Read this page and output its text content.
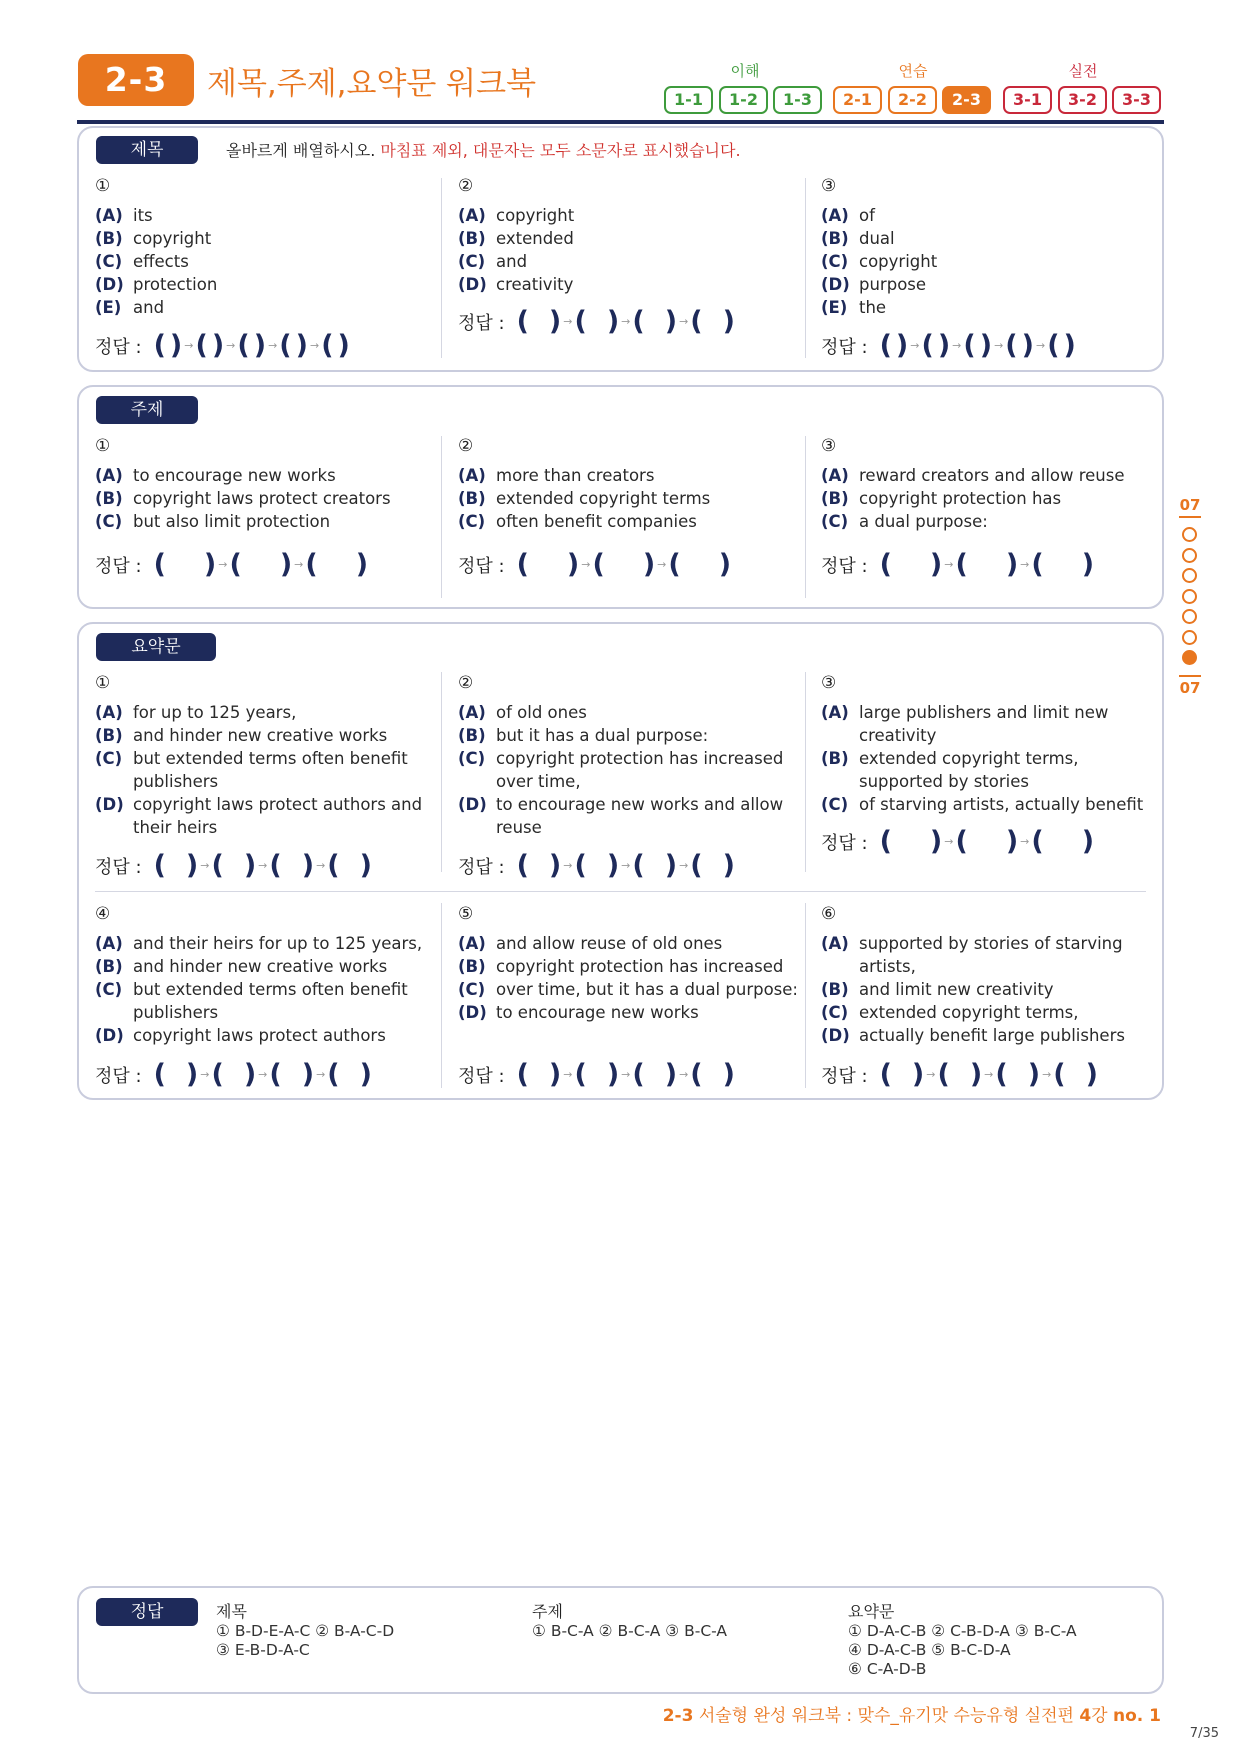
2-3	제목,주제,요약문 워크북	이해	연습	실전
1-1	1-2	1-3	2-1	2-2	2-3	3-1	3-2	3-3
제목	올바르게 배열하시오. 마침표 제외, 대문자는 모두 소문자로 표시했습니다.
①
(A) its
(B) copyright
(C) effects
(D) protection
(E) and
정답 : ( ) → ( ) → ( ) → ( ) → ( )
②
(A) copyright
(B) extended
(C) and
(D) creativity
정답 : ( ) → ( ) → ( ) → ( )
③
(A) of
(B) dual
(C) copyright
(D) purpose
(E) the
정답 : ( ) → ( ) → ( ) → ( ) → ( )
주제
①
(A) to encourage new works
(B) copyright laws protect creators
(C) but also limit protection
정답 : ( ) → ( ) → ( )
②
(A) more than creators
(B) extended copyright terms
(C) often benefit companies
정답 : ( ) → ( ) → ( )
③
(A) reward creators and allow reuse
(B) copyright protection has
(C) a dual purpose:
정답 : ( ) → ( ) → ( )
요약문
①
(A) for up to 125 years,
(B) and hinder new creative works
(C) but extended terms often benefit publishers
(D) copyright laws protect authors and their heirs
정답 : ( ) → ( ) → ( ) → ( )
②
(A) of old ones
(B) but it has a dual purpose:
(C) copyright protection has increased over time,
(D) to encourage new works and allow reuse
정답 : ( ) → ( ) → ( ) → ( )
③
(A) large publishers and limit new creativity
(B) extended copyright terms, supported by stories
(C) of starving artists, actually benefit
정답 : ( ) → ( ) → ( )
④
(A) and their heirs for up to 125 years,
(B) and hinder new creative works
(C) but extended terms often benefit publishers
(D) copyright laws protect authors
정답 : ( ) → ( ) → ( ) → ( )
⑤
(A) and allow reuse of old ones
(B) copyright protection has increased
(C) over time, but it has a dual purpose:
(D) to encourage new works
정답 : ( ) → ( ) → ( ) → ( )
⑥
(A) supported by stories of starving artists,
(B) and limit new creativity
(C) extended copyright terms,
(D) actually benefit large publishers
정답 : ( ) → ( ) → ( ) → ( )
07
07
정답	제목
① B-D-E-A-C ② B-A-C-D
③ E-B-D-A-C
주제
① B-C-A ② B-C-A ③ B-C-A
요약문
① D-A-C-B ② C-B-D-A ③ B-C-A
④ D-A-C-B ⑤ B-C-D-A
⑥ C-A-D-B
2-3 서술형 완성 워크북 : 맞수_유기맛 수능유형 실전편 4강 no. 1
7/35
